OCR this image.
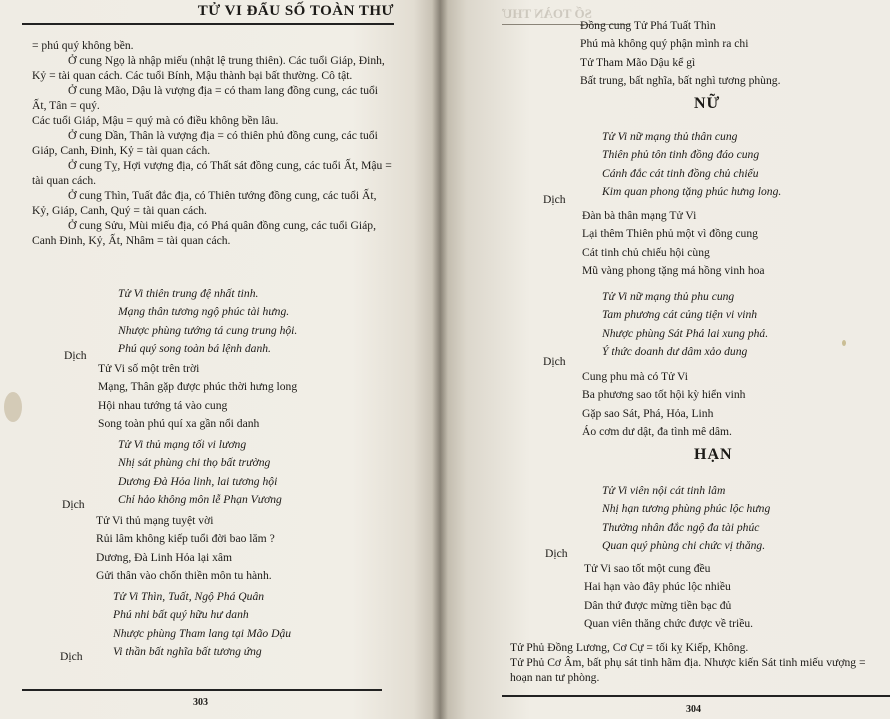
TỬ VI ĐẨU SỐ TOÀN THƯ

= phú quý không bền.

Ở cung Ngọ là nhập miếu (nhật lệ trung thiên). Các tuổi Giáp, Đinh, Kỷ = tài quan cách. Các tuổi Bính, Mậu thành bại bất thường. Cô tật.

Ở cung Mão, Dậu là vượng địa = có tham lang đồng cung, các tuổi Ất, Tân = quý.

Các tuổi Giáp, Mậu = quý mà có điều không bền lâu.

Ở cung Dần, Thân là vượng địa = có thiên phủ đồng cung, các tuổi Giáp, Canh, Đinh, Kỷ = tài quan cách.

Ở cung Tỵ, Hợi vượng địa, có Thất sát đồng cung, các tuổi Ất, Mậu = tài quan cách.

Ở cung Thìn, Tuất đắc địa, có Thiên tướng đồng cung, các tuổi Ất, Kỷ, Giáp, Canh, Quý = tài quan cách.

Ở cung Sửu, Mùi miếu địa, có Phá quân đồng cung, các tuổi Giáp, Canh Đinh, Kỷ, Ất, Nhâm = tài quan cách.

Tử Vi thiên trung đệ nhất tinh.
Mạng thân tương ngộ phúc tài hưng.
Nhược phùng tướng tá cung trung hội.
Phú quý song toàn bá lệnh danh.
Dịch
Tử Vi số một trên trời
Mạng, Thân gặp được phúc thời hưng long
Hội nhau tướng tá vào cung
Song toàn phú quí xa gần nổi danh
Tử Vi thủ mạng tối vi lương
Nhị sát phùng chi thọ bất trường
Dương Đà Hỏa linh, lai tương hội
Chỉ hảo không môn lễ Phạn Vương
Dịch
Tử Vi thủ mạng tuyệt vời
Rủi lâm không kiếp tuổi đời bao lăm ?
Dương, Đà Linh Hỏa lại xâm
Gửi thân vào chốn thiền môn tu hành.
Tử Vi Thìn, Tuất, Ngộ Phá Quân
Phú nhi bất quý hữu hư danh
Nhược phùng Tham lang tại Mão Dậu
Vi thần bất nghĩa bất tương ứng
Dịch
303
SỐ TOÀN THƯ
Đồng cung Tử Phá Tuất Thìn
Phú mà không quý phận mình ra chi
Tử Tham Mão Dậu kể gì
Bất trung, bất nghĩa, bất nghì tương phùng.
NỮ
Tử Vi nữ mạng thủ thân cung
Thiên phủ tôn tinh đồng đáo cung
Cánh đắc cát tinh đồng chủ chiếu
Kim quan phong tặng phúc hưng long.
Dịch
Đàn bà thân mạng Tử Vi
Lại thêm Thiên phủ một vì đồng cung
Cát tinh chủ chiếu hội cùng
Mũ vàng phong tặng má hồng vinh hoa
Tử Vi nữ mạng thủ phu cung
Tam phương cát củng tiện vi vinh
Nhược phùng Sát Phá lai xung phá.
Ý thức doanh dư dâm xảo dung
Dịch
Cung phu mà có Tử Vi
Ba phương sao tốt hội kỳ hiển vinh
Gặp sao Sát, Phá, Hỏa, Linh
Áo cơm dư dật, đa tình mê dâm.
HẠN
Tử Vi viên nội cát tinh lâm
Nhị hạn tương phùng phúc lộc hưng
Thường nhân đắc ngộ đa tài phúc
Quan quý phùng chi chức vị thăng.
Dịch
Tử Vi sao tốt một cung đều
Hai hạn vào đây phúc lộc nhiều
Dân thứ được mừng tiền bạc đủ
Quan viên thăng chức được về triều.

Tử Phủ Đồng Lương, Cơ Cự = tối kỵ Kiếp, Không.

Tử Phủ Cơ Âm, bất phụ sát tinh hãm địa. Nhược kiến Sát tinh miếu vượng = hoạn nan tư phòng.

304
